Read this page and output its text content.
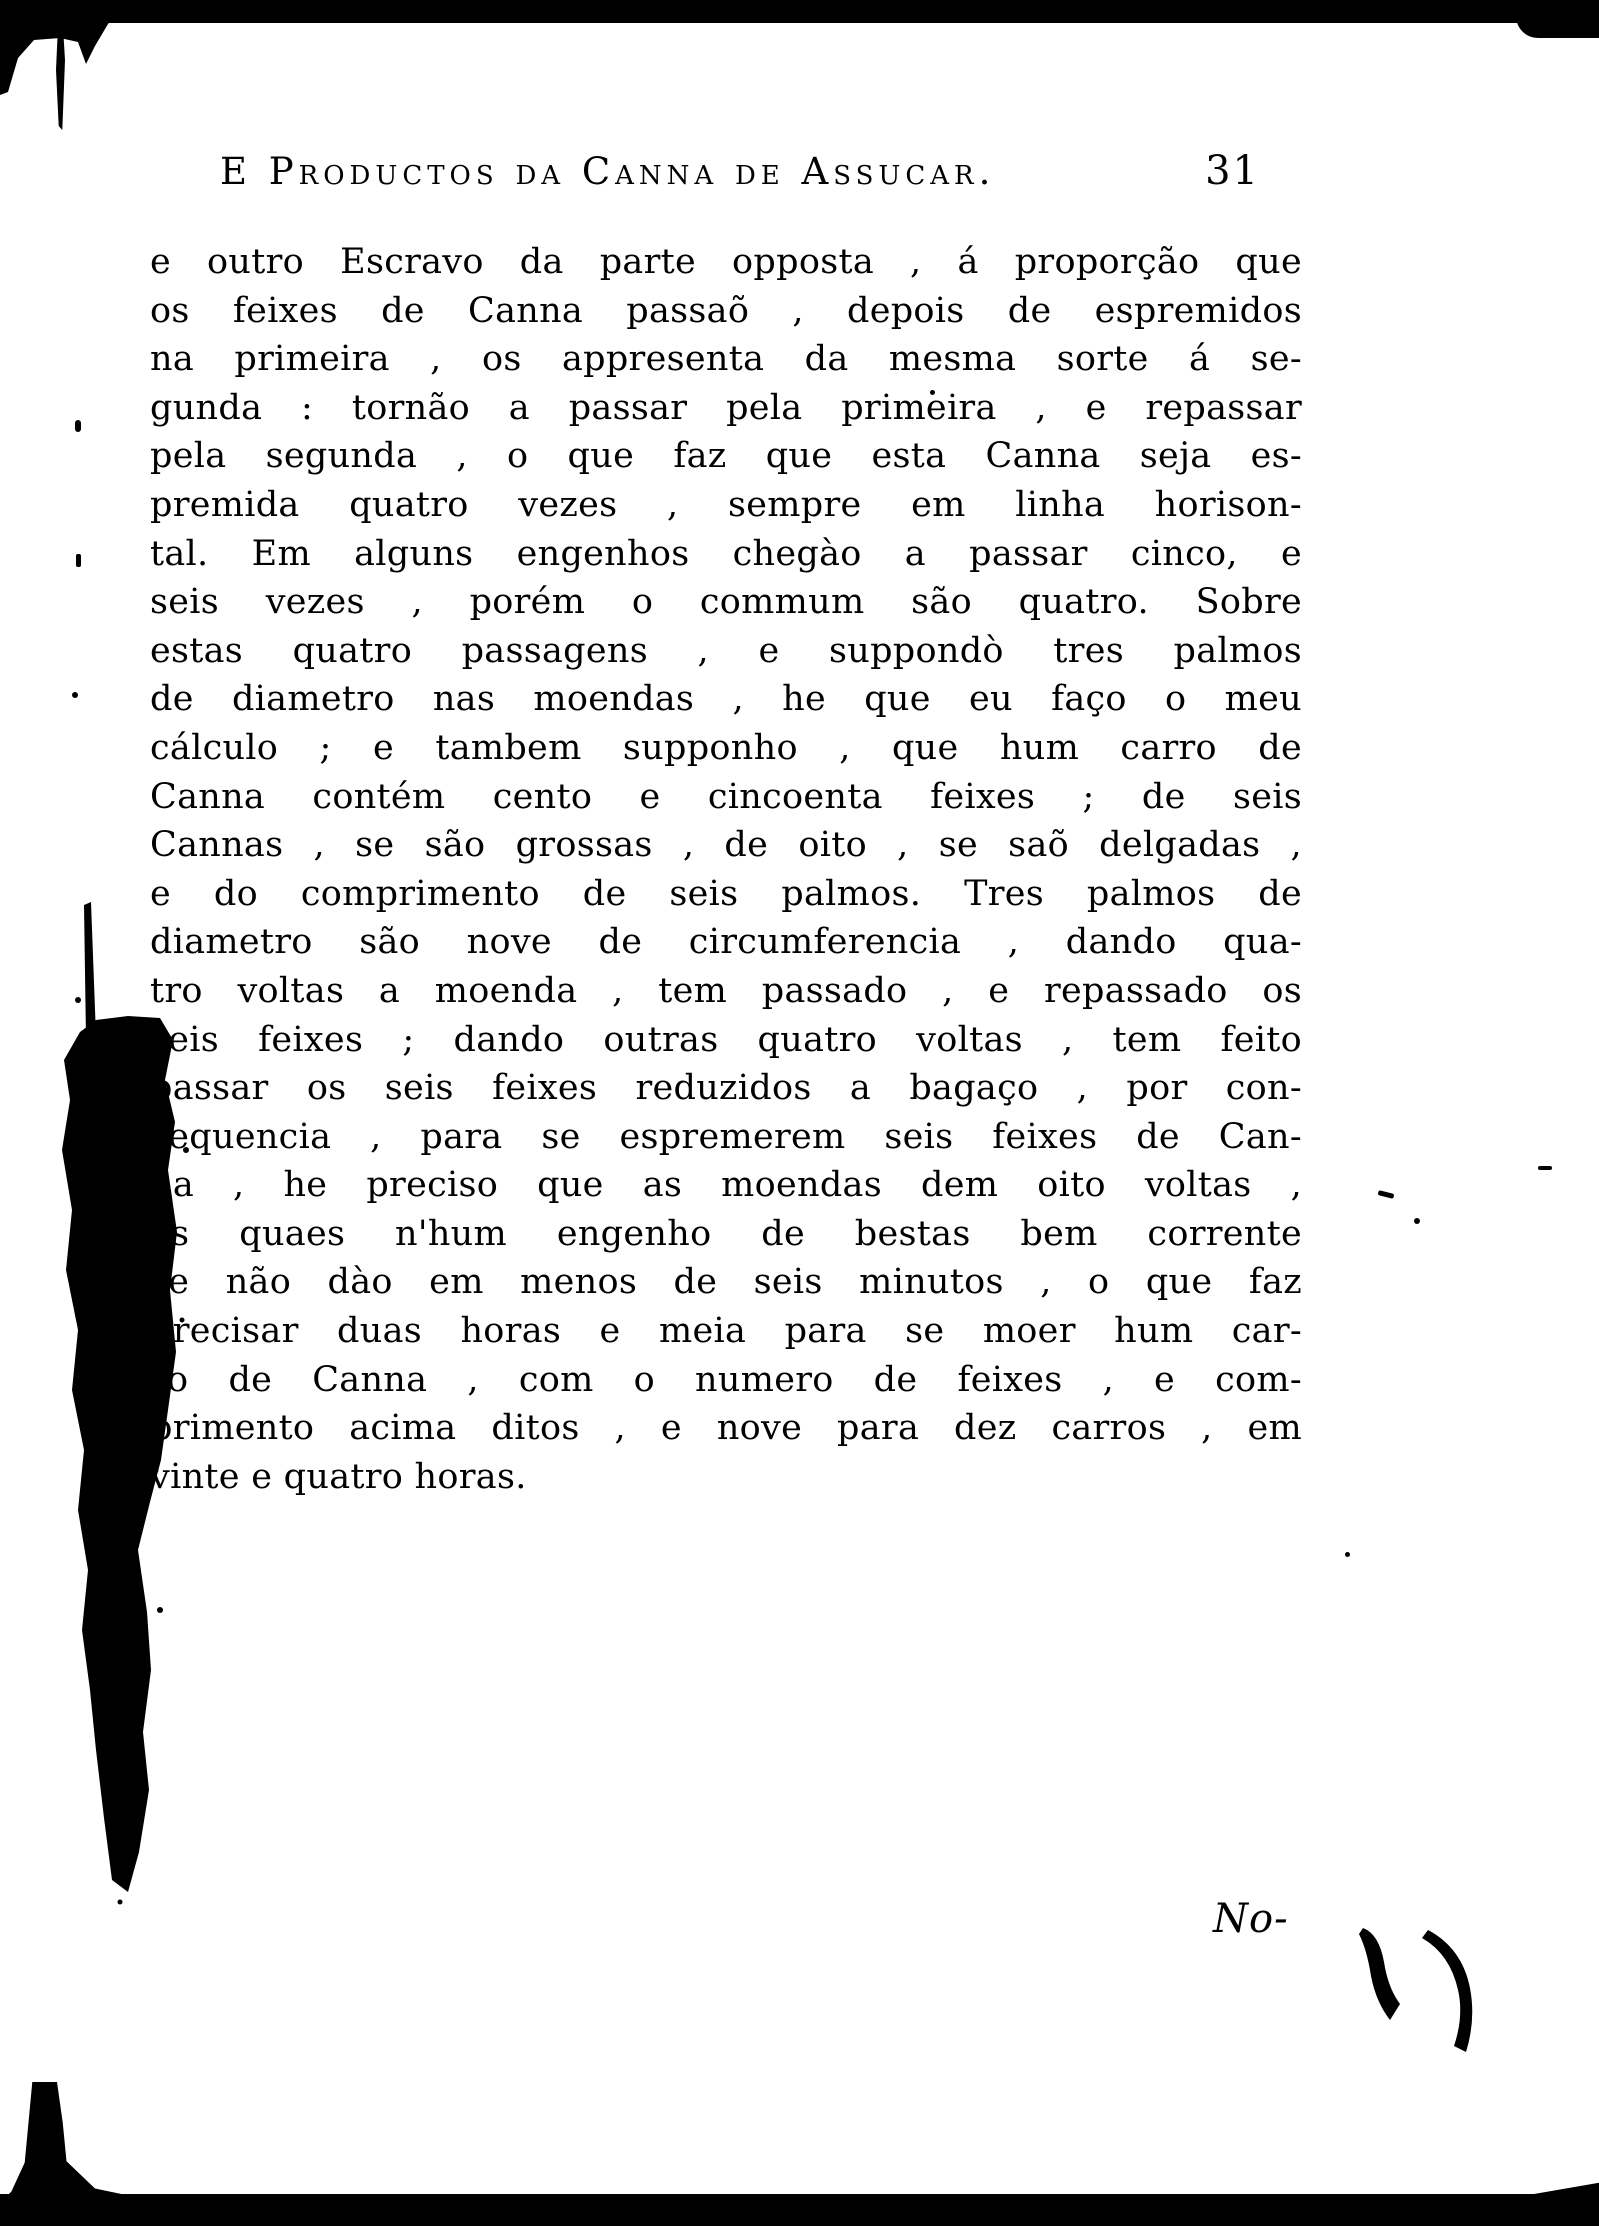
E Productos da Canna de Assucar.	31
e outro Escravo da parte opposta , á proporção que
os feixes de Canna passaõ , depois de espremidos
na primeira , os appresenta da mesma sorte á se-
gunda : tornão a passar pela primeira , e repassar
pela segunda , o que faz que esta Canna seja es-
premida quatro vezes , sempre em linha horison-
tal. Em alguns engenhos chegào a passar cinco, e
seis vezes , porém o commum são quatro. Sobre
estas quatro passagens , e suppondò tres palmos
de diametro nas moendas , he que eu faço o meu
cálculo ; e tambem supponho , que hum carro de
Canna contém cento e cincoenta feixes ; de seis
Cannas , se são grossas , de oito , se saõ delgadas ,
e do comprimento de seis palmos. Tres palmos de
diametro são nove de circumferencia , dando qua-
tro voltas a moenda , tem passado , e repassado os
seis feixes ; dando outras quatro voltas , tem feito
passar os seis feixes reduzidos a bagaço , por con-
sequencia , para se espremerem seis feixes de Can-
na , he preciso que as moendas dem oito voltas ,
as quaes n'hum engenho de bestas bem corrente
se não dào em menos de seis minutos , o que faz
precisar duas horas e meia para se moer hum car-
ro de Canna , com o numero de feixes , e com-
primento acima ditos , e nove para dez carros , em
vinte e quatro horas.
No-
